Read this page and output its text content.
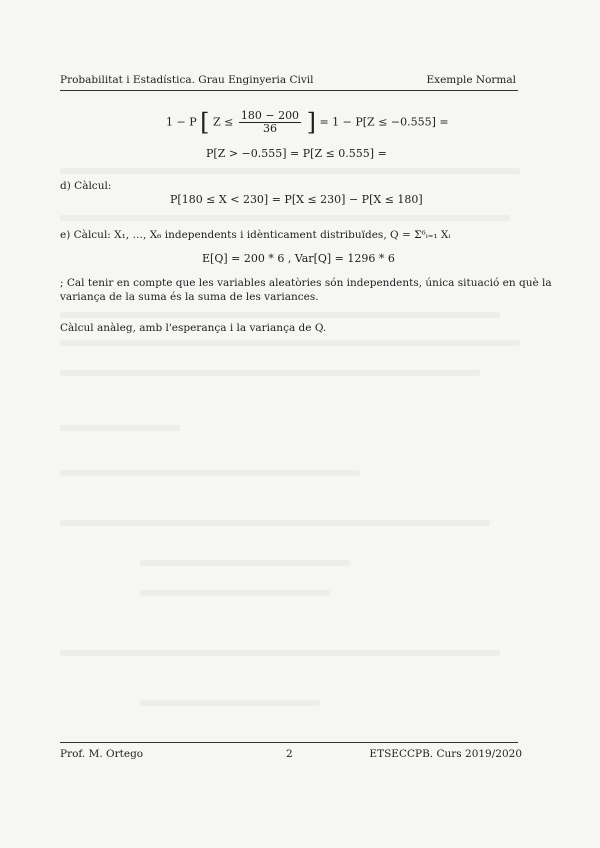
Probabilitat i Estadística. Grau Enginyeria Civil	Exemple Normal
1 − P [ $Z \le \frac{180 - 200}{36}$ ] = 1 − P[Z ≤ −0.555] =
P[Z > −0.555] = P[Z ≤ 0.555] =
d) Càlcul:
P[180 ≤ X < 230] = P[X ≤ 230] − P[X ≤ 180]
e) Càlcul: X₁, …, X₆ independents i idènticament distribuïdes, Q = Σ⁶ᵢ₌₁ Xᵢ
E[Q] = 200 * 6 , Var[Q] = 1296 * 6
; Cal tenir en compte que les variables aleatòries són independents, única situació en què la
variança de la suma és la suma de les variances.
Càlcul anàleg, amb l'esperança i la variança de Q.
Prof. M. Ortego	2	ETSECCPB. Curs 2019/2020
